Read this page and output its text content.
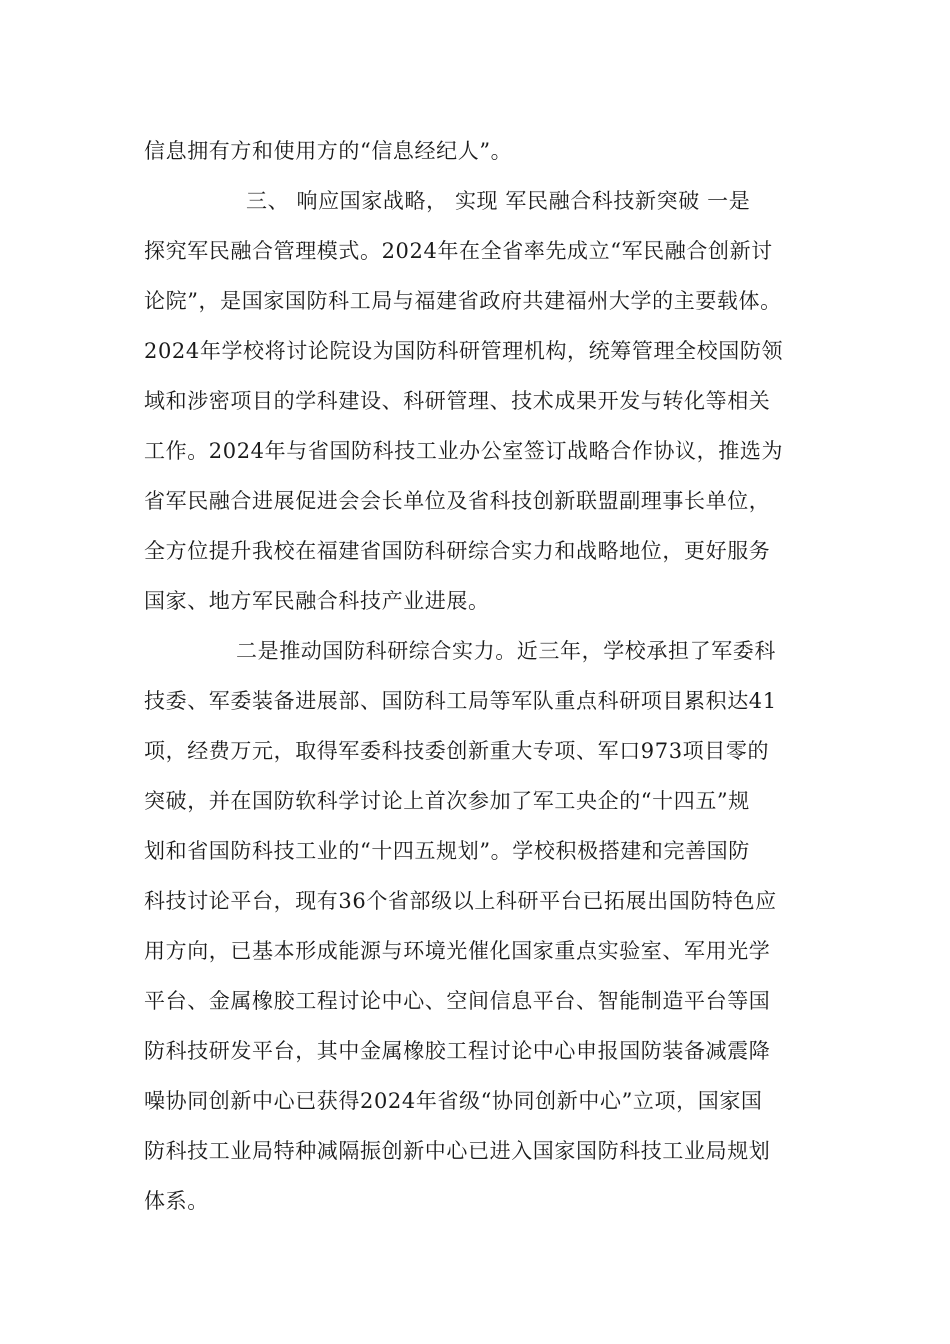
信息拥有方和使用方的“信息经纪人”。
三、 响应国家战略， 实现 军民融合科技新突破 一是
探究军民融合管理模式。2024年在全省率先成立“军民融合创新讨
论院”，是国家国防科工局与福建省政府共建福州大学的主要载体。
2024年学校将讨论院设为国防科研管理机构，统筹管理全校国防领
域和涉密项目的学科建设、科研管理、技术成果开发与转化等相关
工作。2024年与省国防科技工业办公室签订战略合作协议，推选为
省军民融合进展促进会会长单位及省科技创新联盟副理事长单位，
全方位提升我校在福建省国防科研综合实力和战略地位，更好服务
国家、地方军民融合科技产业进展。
二是推动国防科研综合实力。近三年，学校承担了军委科
技委、军委装备进展部、国防科工局等军队重点科研项目累积达41
项，经费万元，取得军委科技委创新重大专项、军口973项目零的
突破，并在国防软科学讨论上首次参加了军工央企的“十四五”规
划和省国防科技工业的“十四五规划”。学校积极搭建和完善国防
科技讨论平台，现有36个省部级以上科研平台已拓展出国防特色应
用方向，已基本形成能源与环境光催化国家重点实验室、军用光学
平台、金属橡胶工程讨论中心、空间信息平台、智能制造平台等国
防科技研发平台，其中金属橡胶工程讨论中心申报国防装备减震降
噪协同创新中心已获得2024年省级“协同创新中心”立项，国家国
防科技工业局特种减隔振创新中心已进入国家国防科技工业局规划
体系。
